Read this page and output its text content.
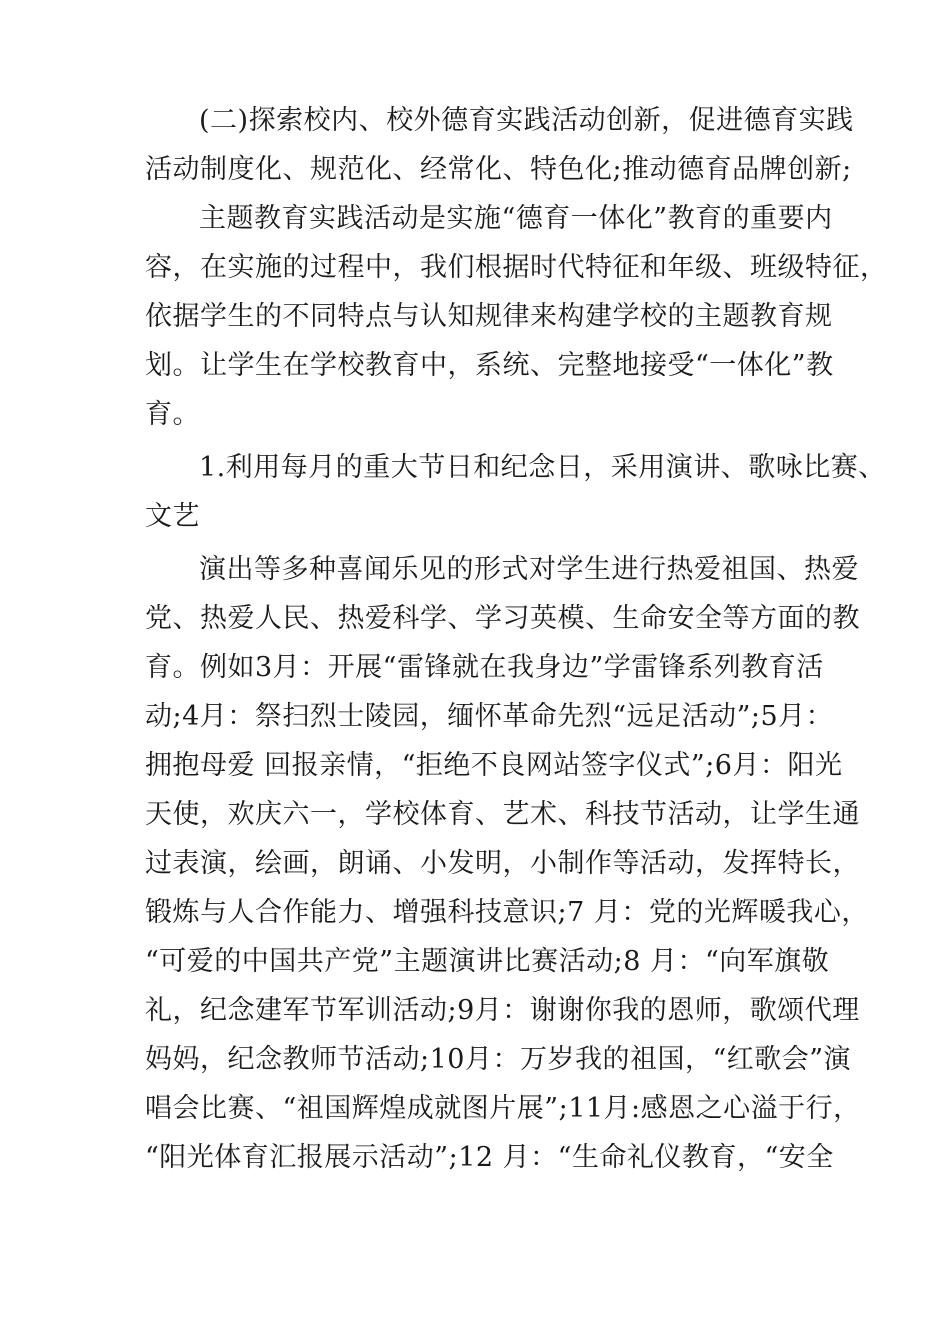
(二)探索校内、校外德育实践活动创新，促进德育实践
活动制度化、规范化、经常化、特色化;推动德育品牌创新;
主题教育实践活动是实施“德育一体化”教育的重要内
容，在实施的过程中，我们根据时代特征和年级、班级特征，
依据学生的不同特点与认知规律来构建学校的主题教育规
划。让学生在学校教育中，系统、完整地接受“一体化”教
育。
1.利用每月的重大节日和纪念日，采用演讲、歌咏比赛、
文艺
演出等多种喜闻乐见的形式对学生进行热爱祖国、热爱
党、热爱人民、热爱科学、学习英模、生命安全等方面的教
育。例如3月：开展“雷锋就在我身边”学雷锋系列教育活
动;4月：祭扫烈士陵园，缅怀革命先烈“远足活动”;5月：
拥抱母爱 回报亲情，“拒绝不良网站签字仪式”;6月：阳光
天使，欢庆六一，学校体育、艺术、科技节活动，让学生通
过表演，绘画，朗诵、小发明，小制作等活动，发挥特长，
锻炼与人合作能力、增强科技意识;7 月：党的光辉暖我心，
“可爱的中国共产党”主题演讲比赛活动;8 月：“向军旗敬
礼，纪念建军节军训活动;9月：谢谢你我的恩师，歌颂代理
妈妈，纪念教师节活动;10月：万岁我的祖国，“红歌会”演
唱会比赛、“祖国辉煌成就图片展”;11月:感恩之心溢于行，
“阳光体育汇报展示活动”;12 月：“生命礼仪教育，“安全
